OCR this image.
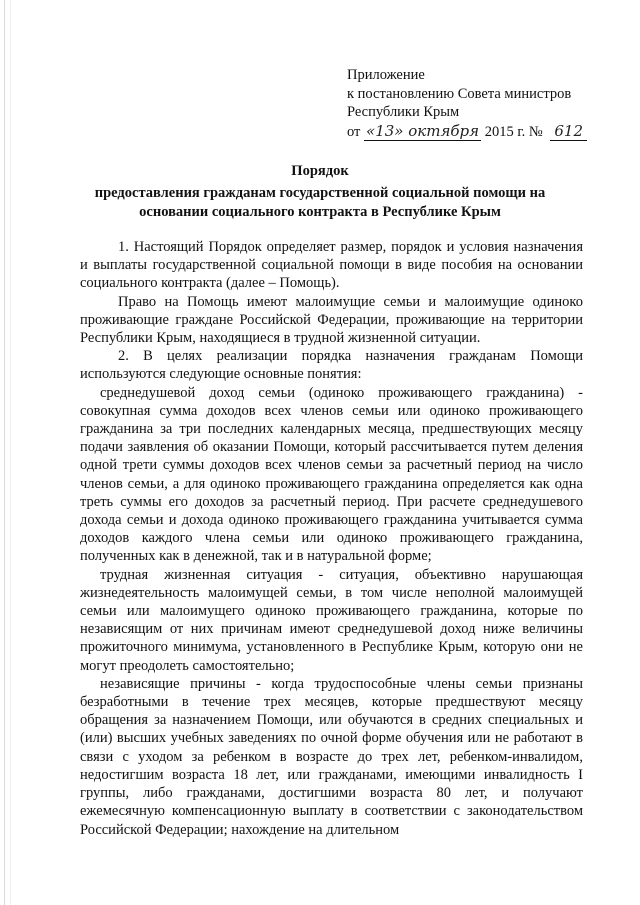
Приложение
к постановлению Совета министров
Республики Крым
от «13» октября 2015 г. № 612
Порядок
предоставления гражданам государственной социальной помощи на
основании социального контракта в Республике Крым

1. Настоящий Порядок определяет размер, порядок и условия назначения и выплаты государственной социальной помощи в виде пособия на основании социального контракта (далее – Помощь).

Право на Помощь имеют малоимущие семьи и малоимущие одиноко проживающие граждане Российской Федерации, проживающие на территории Республики Крым, находящиеся в трудной жизненной ситуации.

2. В целях реализации порядка назначения гражданам Помощи используются следующие основные понятия:

среднедушевой доход семьи (одиноко проживающего гражданина) - совокупная сумма доходов всех членов семьи или одиноко проживающего гражданина за три последних календарных месяца, предшествующих месяцу подачи заявления об оказании Помощи, который рассчитывается путем деления одной трети суммы доходов всех членов семьи за расчетный период на число членов семьи, а для одиноко проживающего гражданина определяется как одна треть суммы его доходов за расчетный период. При расчете среднедушевого дохода семьи и дохода одиноко проживающего гражданина учитывается сумма доходов каждого члена семьи или одиноко проживающего гражданина, полученных как в денежной, так и в натуральной форме;

трудная жизненная ситуация - ситуация, объективно нарушающая жизнедеятельность малоимущей семьи, в том числе неполной малоимущей семьи или малоимущего одиноко проживающего гражданина, которые по независящим от них причинам имеют среднедушевой доход ниже величины прожиточного минимума, установленного в Республике Крым, которую они не могут преодолеть самостоятельно;

независящие причины - когда трудоспособные члены семьи признаны безработными в течение трех месяцев, которые предшествуют месяцу обращения за назначением Помощи, или обучаются в средних специальных и (или) высших учебных заведениях по очной форме обучения или не работают в связи с уходом за ребенком в возрасте до трех лет, ребенком-инвалидом, недостигшим возраста 18 лет, или гражданами, имеющими инвалидность I группы, либо гражданами, достигшими возраста 80 лет, и получают ежемесячную компенсационную выплату в соответствии с законодательством Российской Федерации; нахождение на длительном
